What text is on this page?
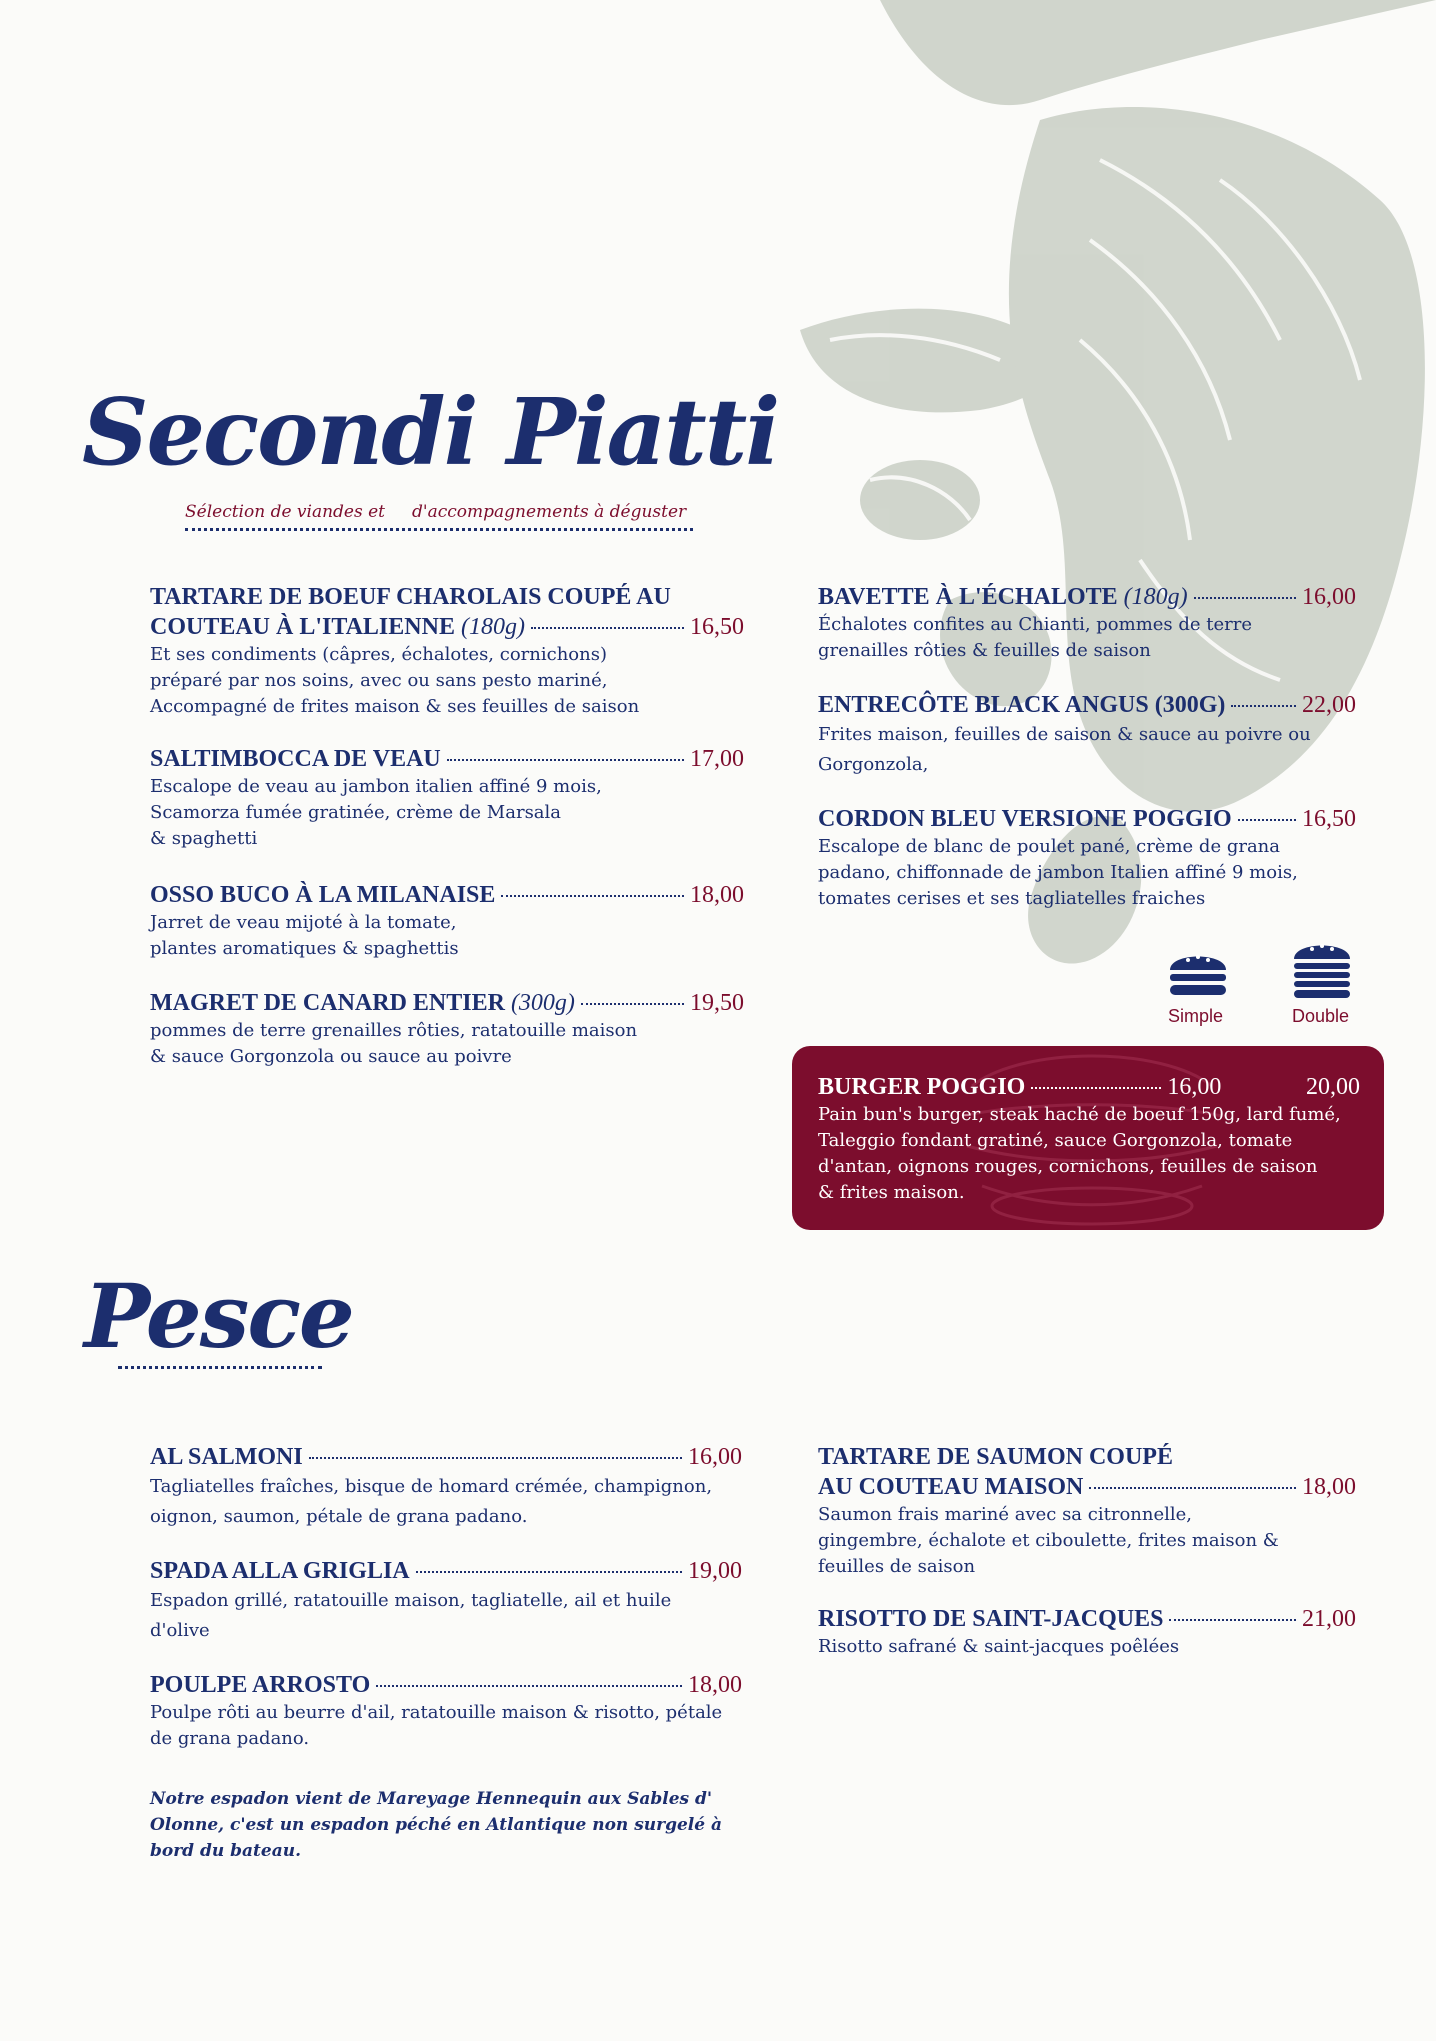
Secondi Piatti
Sélection de viandes et     d'accompagnements à déguster
TARTARE DE BOEUF CHAROLAIS COUPÉ AU
COUTEAU À L'ITALIENNE (180g)	16,50
Et ses condiments (câpres, échalotes, cornichons)
préparé par nos soins, avec ou sans pesto mariné,
Accompagné de frites maison & ses feuilles de saison
SALTIMBOCCA DE VEAU	17,00
Escalope de veau au jambon italien affiné 9 mois,
Scamorza fumée gratinée, crème de Marsala
& spaghetti
OSSO BUCO À LA MILANAISE	18,00
Jarret de veau mijoté à la tomate,
plantes aromatiques & spaghettis
MAGRET DE CANARD ENTIER (300g)	19,50
pommes de terre grenailles rôties, ratatouille maison
& sauce Gorgonzola ou sauce au poivre
BAVETTE À L'ÉCHALOTE (180g)	16,00
Échalotes confites au Chianti, pommes de terre
grenailles rôties & feuilles de saison
ENTRECÔTE BLACK ANGUS (300G)	22,00
Frites maison, feuilles de saison & sauce au poivre ou
Gorgonzola,
CORDON BLEU VERSIONE POGGIO	16,50
Escalope de blanc de poulet pané, crème de grana
padano, chiffonnade de jambon Italien affiné 9 mois,
tomates cerises et ses tagliatelles fraiches
Simple	Double
BURGER POGGIO	16,00	20,00
Pain bun's burger, steak haché de boeuf 150g, lard fumé,
Taleggio fondant gratiné, sauce Gorgonzola, tomate
d'antan, oignons rouges, cornichons, feuilles de saison
& frites maison.
Pesce
AL SALMONI	16,00
Tagliatelles fraîches, bisque de homard crémée, champignon,
oignon, saumon, pétale de grana padano.
SPADA ALLA GRIGLIA	19,00
Espadon grillé, ratatouille maison, tagliatelle, ail et huile
d'olive
POULPE ARROSTO	18,00
Poulpe rôti au beurre d'ail, ratatouille maison & risotto, pétale
de grana padano.
Notre espadon vient de Mareyage Hennequin aux Sables d'
Olonne, c'est un espadon péché en Atlantique non surgelé à
bord du bateau.
TARTARE DE SAUMON COUPÉ
AU COUTEAU MAISON	18,00
Saumon frais mariné avec sa citronnelle,
gingembre, échalote et ciboulette, frites maison &
feuilles de saison
RISOTTO DE SAINT-JACQUES	21,00
Risotto safrané & saint-jacques poêlées
